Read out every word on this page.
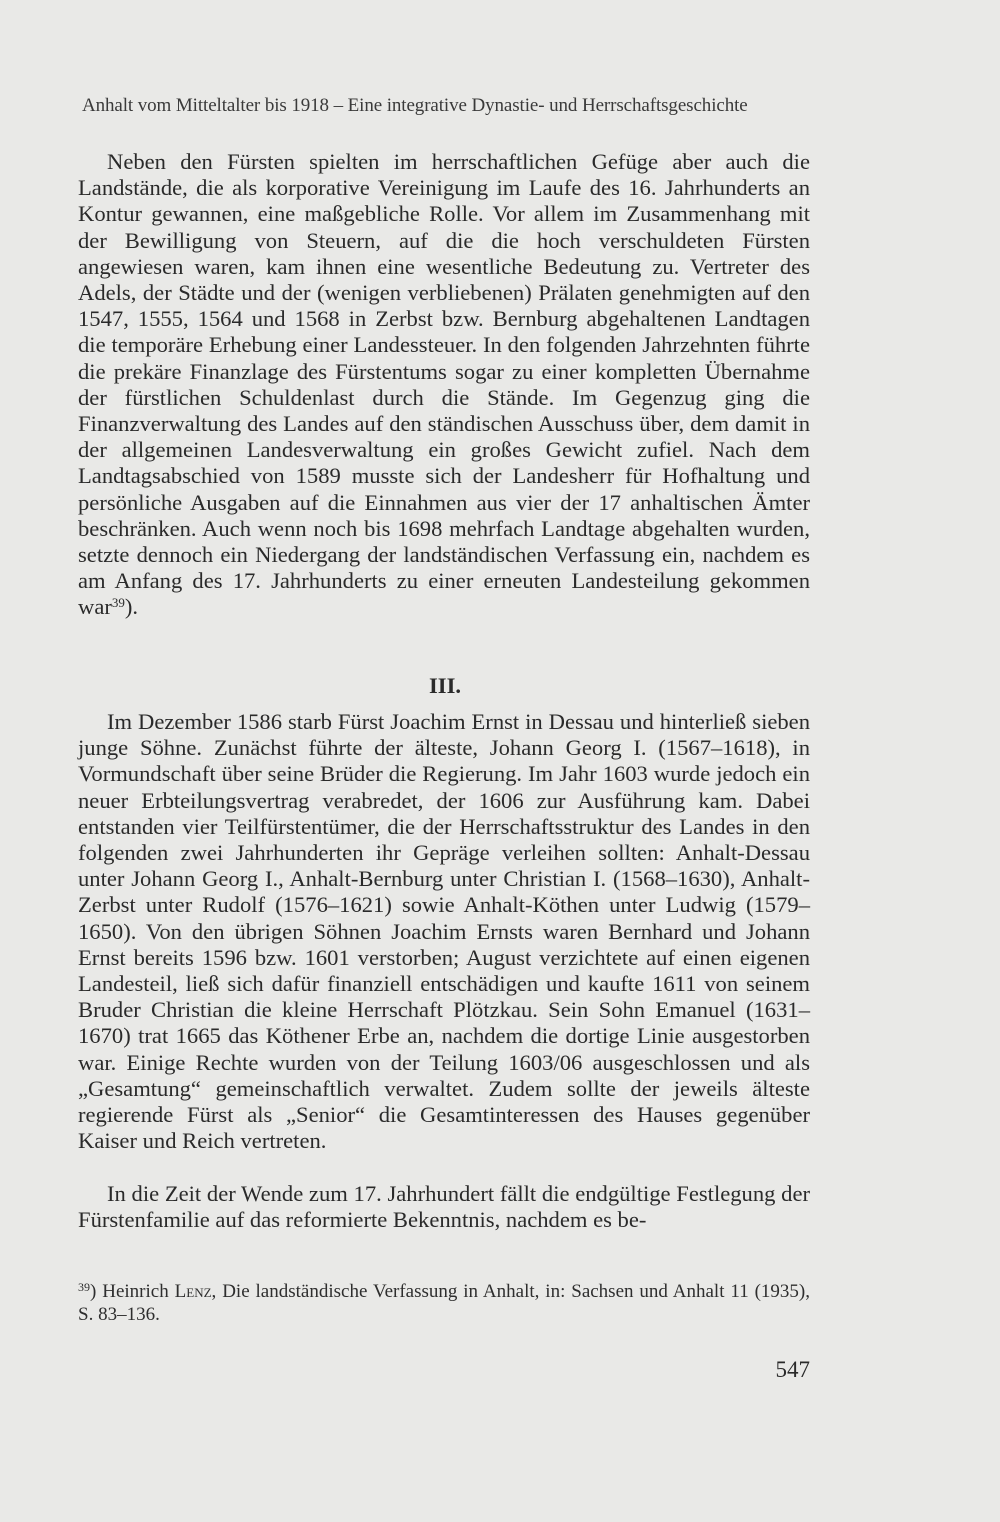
Anhalt vom Mitteltalter bis 1918 – Eine integrative Dynastie- und Herrschaftsgeschichte

Neben den Fürsten spielten im herrschaftlichen Gefüge aber auch die Landstände, die als korporative Vereinigung im Laufe des 16. Jahrhunderts an Kontur gewannen, eine maßgebliche Rolle. Vor allem im Zusammenhang mit der Bewilligung von Steuern, auf die die hoch verschuldeten Fürsten angewiesen waren, kam ihnen eine wesentliche Bedeutung zu. Vertreter des Adels, der Städte und der (wenigen verbliebenen) Prälaten genehmigten auf den 1547, 1555, 1564 und 1568 in Zerbst bzw. Bernburg abgehaltenen Landtagen die temporäre Erhebung einer Landessteuer. In den folgenden Jahrzehnten führte die prekäre Finanzlage des Fürstentums sogar zu einer kompletten Übernahme der fürstlichen Schuldenlast durch die Stände. Im Gegenzug ging die Finanzverwaltung des Landes auf den ständischen Ausschuss über, dem damit in der allgemeinen Landesverwaltung ein großes Gewicht zufiel. Nach dem Landtagsabschied von 1589 musste sich der Landesherr für Hofhaltung und persönliche Ausgaben auf die Einnahmen aus vier der 17 anhaltischen Ämter beschränken. Auch wenn noch bis 1698 mehrfach Landtage abgehalten wurden, setzte dennoch ein Niedergang der landständischen Verfassung ein, nachdem es am Anfang des 17. Jahrhunderts zu einer erneuten Landesteilung gekommen war$^{39}$).

III.

Im Dezember 1586 starb Fürst Joachim Ernst in Dessau und hinterließ sieben junge Söhne. Zunächst führte der älteste, Johann Georg I. (1567–1618), in Vormundschaft über seine Brüder die Regierung. Im Jahr 1603 wurde jedoch ein neuer Erbteilungsvertrag verabredet, der 1606 zur Ausführung kam. Dabei entstanden vier Teilfürstentümer, die der Herrschaftsstruktur des Landes in den folgenden zwei Jahrhunderten ihr Gepräge verleihen sollten: Anhalt-Dessau unter Johann Georg I., Anhalt-Bernburg unter Christian I. (1568–1630), Anhalt-Zerbst unter Rudolf (1576–1621) sowie Anhalt-Köthen unter Ludwig (1579–1650). Von den übrigen Söhnen Joachim Ernsts waren Bernhard und Johann Ernst bereits 1596 bzw. 1601 verstorben; August verzichtete auf einen eigenen Landesteil, ließ sich dafür finanziell entschädigen und kaufte 1611 von seinem Bruder Christian die kleine Herrschaft Plötzkau. Sein Sohn Emanuel (1631–1670) trat 1665 das Köthener Erbe an, nachdem die dortige Linie ausgestorben war. Einige Rechte wurden von der Teilung 1603/06 ausgeschlossen und als „Gesamtung“ gemeinschaftlich verwaltet. Zudem sollte der jeweils älteste regierende Fürst als „Senior“ die Gesamtinteressen des Hauses gegenüber Kaiser und Reich vertreten.

In die Zeit der Wende zum 17. Jahrhundert fällt die endgültige Festlegung der Fürstenfamilie auf das reformierte Bekenntnis, nachdem es be-

$^{39}$) Heinrich Lenz, Die landständische Verfassung in Anhalt, in: Sachsen und Anhalt 11 (1935), S. 83–136.
547
